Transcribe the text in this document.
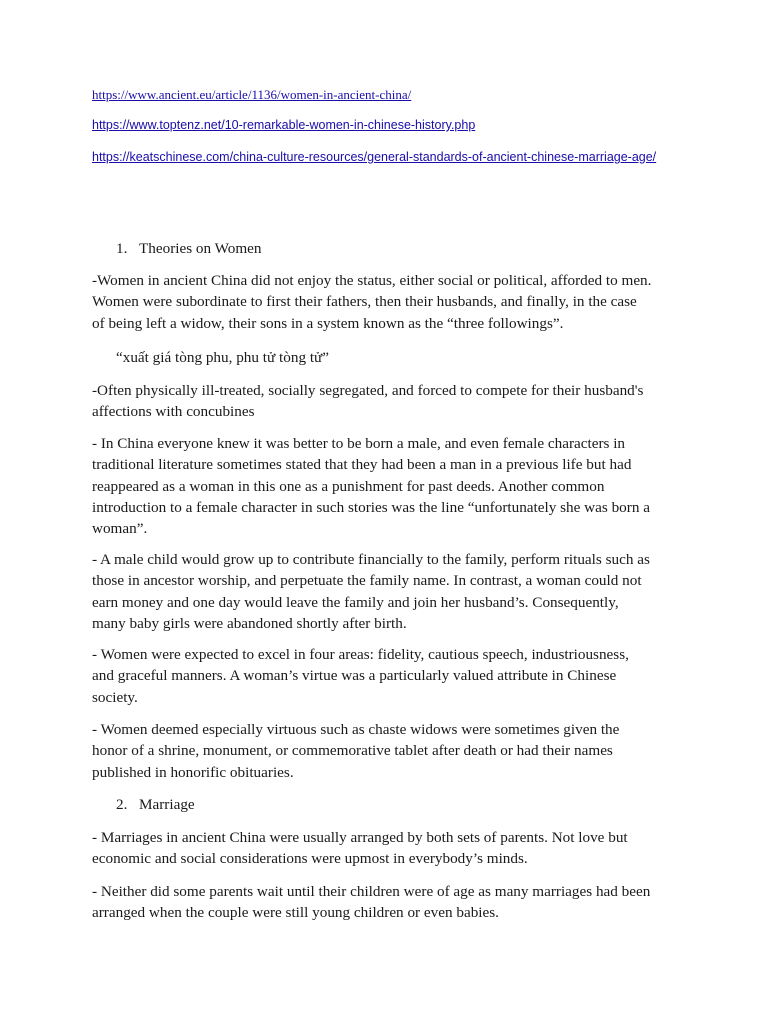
https://www.ancient.eu/article/1136/women-in-ancient-china/
https://www.toptenz.net/10-remarkable-women-in-chinese-history.php
https://keatschinese.com/china-culture-resources/general-standards-of-ancient-chinese-marriage-age/
1. Theories on Women

-Women in ancient China did not enjoy the status, either social or political, afforded to men.
Women were subordinate to first their fathers, then their husbands, and finally, in the case
of being left a widow, their sons in a system known as the “three followings”.

“xuất giá tòng phu, phu tử tòng tử”

-Often physically ill-treated, socially segregated, and forced to compete for their husband's
affections with concubines

- In China everyone knew it was better to be born a male, and even female characters in
traditional literature sometimes stated that they had been a man in a previous life but had
reappeared as a woman in this one as a punishment for past deeds. Another common
introduction to a female character in such stories was the line “unfortunately she was born a
woman”.

- A male child would grow up to contribute financially to the family, perform rituals such as
those in ancestor worship, and perpetuate the family name. In contrast, a woman could not
earn money and one day would leave the family and join her husband’s. Consequently,
many baby girls were abandoned shortly after birth.

- Women were expected to excel in four areas: fidelity, cautious speech, industriousness,
and graceful manners. A woman’s virtue was a particularly valued attribute in Chinese
society.

- Women deemed especially virtuous such as chaste widows were sometimes given the
honor of a shrine, monument, or commemorative tablet after death or had their names
published in honorific obituaries.

2. Marriage

- Marriages in ancient China were usually arranged by both sets of parents. Not love but
economic and social considerations were upmost in everybody’s minds.

- Neither did some parents wait until their children were of age as many marriages had been
arranged when the couple were still young children or even babies.
